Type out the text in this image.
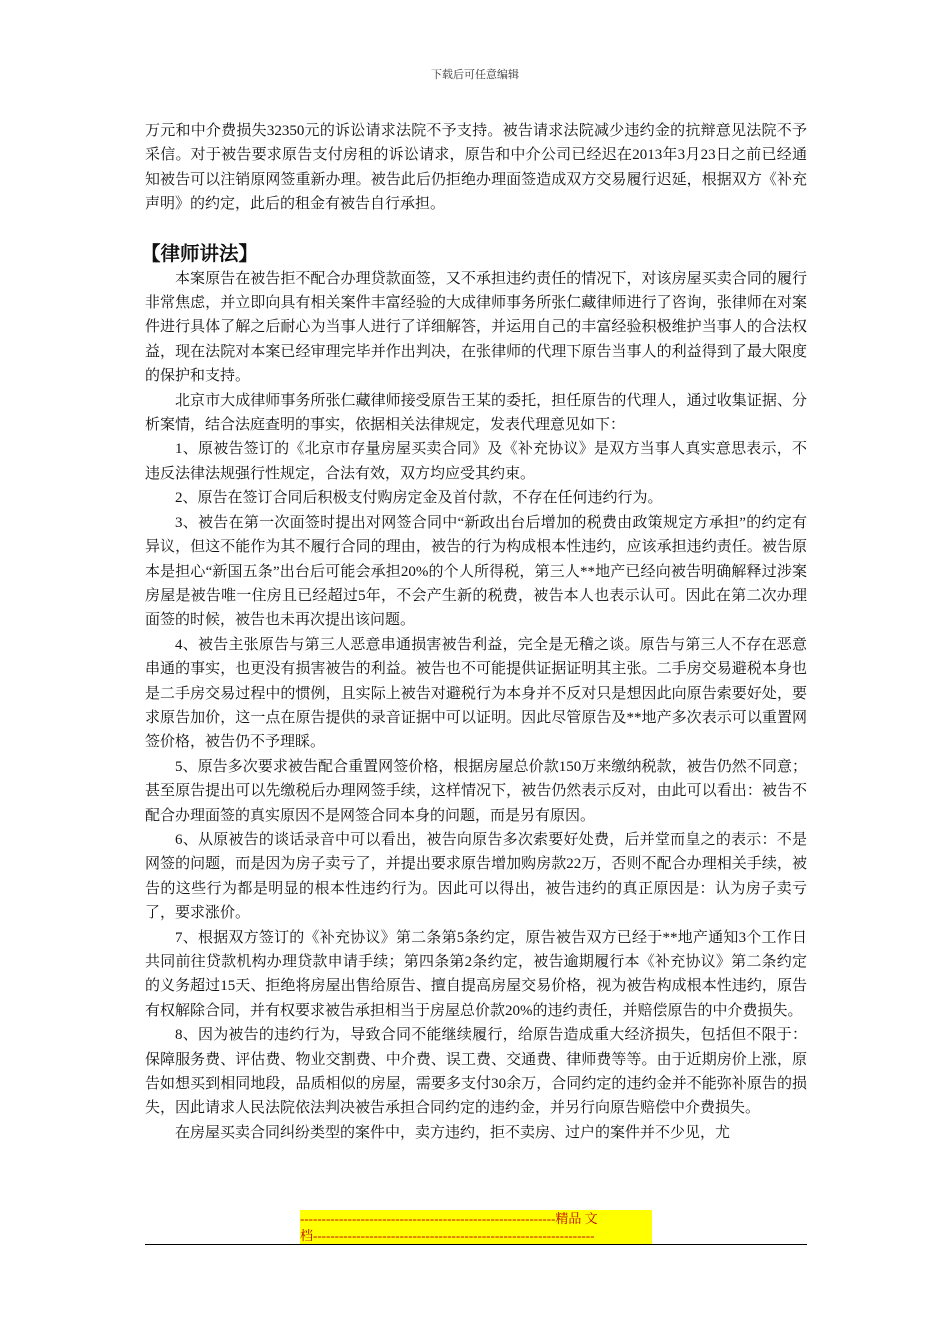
下载后可任意编辑

万元和中介费损失32350元的诉讼请求法院不予支持。被告请求法院减少违约金的抗辩意见法院不予采信。对于被告要求原告支付房租的诉讼请求，原告和中介公司已经迟在2013年3月23日之前已经通知被告可以注销原网签重新办理。被告此后仍拒绝办理面签造成双方交易履行迟延，根据双方《补充声明》的约定，此后的租金有被告自行承担。

【律师讲法】

本案原告在被告拒不配合办理贷款面签，又不承担违约责任的情况下，对该房屋买卖合同的履行非常焦虑，并立即向具有相关案件丰富经验的大成律师事务所张仁藏律师进行了咨询，张律师在对案件进行具体了解之后耐心为当事人进行了详细解答，并运用自己的丰富经验积极维护当事人的合法权益，现在法院对本案已经审理完毕并作出判决，在张律师的代理下原告当事人的利益得到了最大限度的保护和支持。

北京市大成律师事务所张仁藏律师接受原告王某的委托，担任原告的代理人，通过收集证据、分析案情，结合法庭查明的事实，依据相关法律规定，发表代理意见如下：

1、原被告签订的《北京市存量房屋买卖合同》及《补充协议》是双方当事人真实意思表示，不违反法律法规强行性规定，合法有效，双方均应受其约束。

2、原告在签订合同后积极支付购房定金及首付款，不存在任何违约行为。

3、被告在第一次面签时提出对网签合同中“新政出台后增加的税费由政策规定方承担”的约定有异议，但这不能作为其不履行合同的理由，被告的行为构成根本性违约，应该承担违约责任。被告原本是担心“新国五条”出台后可能会承担20%的个人所得税，第三人**地产已经向被告明确解释过涉案房屋是被告唯一住房且已经超过5年，不会产生新的税费，被告本人也表示认可。因此在第二次办理面签的时候，被告也未再次提出该问题。

4、被告主张原告与第三人恶意串通损害被告利益，完全是无稽之谈。原告与第三人不存在恶意串通的事实，也更没有损害被告的利益。被告也不可能提供证据证明其主张。二手房交易避税本身也是二手房交易过程中的惯例，且实际上被告对避税行为本身并不反对只是想因此向原告索要好处，要求原告加价，这一点在原告提供的录音证据中可以证明。因此尽管原告及**地产多次表示可以重置网签价格，被告仍不予理睬。

5、原告多次要求被告配合重置网签价格，根据房屋总价款150万来缴纳税款，被告仍然不同意；甚至原告提出可以先缴税后办理网签手续，这样情况下，被告仍然表示反对，由此可以看出：被告不配合办理面签的真实原因不是网签合同本身的问题，而是另有原因。

6、从原被告的谈话录音中可以看出，被告向原告多次索要好处费，后并堂而皇之的表示：不是网签的问题，而是因为房子卖亏了，并提出要求原告增加购房款22万，否则不配合办理相关手续，被告的这些行为都是明显的根本性违约行为。因此可以得出，被告违约的真正原因是：认为房子卖亏了，要求涨价。

7、根据双方签订的《补充协议》第二条第5条约定，原告被告双方已经于**地产通知3个工作日共同前往贷款机构办理贷款申请手续；第四条第2条约定，被告逾期履行本《补充协议》第二条约定的义务超过15天、拒绝将房屋出售给原告、擅自提高房屋交易价格，视为被告构成根本性违约，原告有权解除合同，并有权要求被告承担相当于房屋总价款20%的违约责任，并赔偿原告的中介费损失。

8、因为被告的违约行为，导致合同不能继续履行，给原告造成重大经济损失，包括但不限于：保障服务费、评估费、物业交割费、中介费、误工费、交通费、律师费等等。由于近期房价上涨，原告如想买到相同地段，品质相似的房屋，需要多支付30余万，合同约定的违约金并不能弥补原告的损失，因此请求人民法院依法判决被告承担合同约定的违约金，并另行向原告赔偿中介费损失。

在房屋买卖合同纠纷类型的案件中，卖方违约，拒不卖房、过户的案件并不少见，尤

-----------------------------------------------------------精品 文
档-----------------------------------------------------------------
